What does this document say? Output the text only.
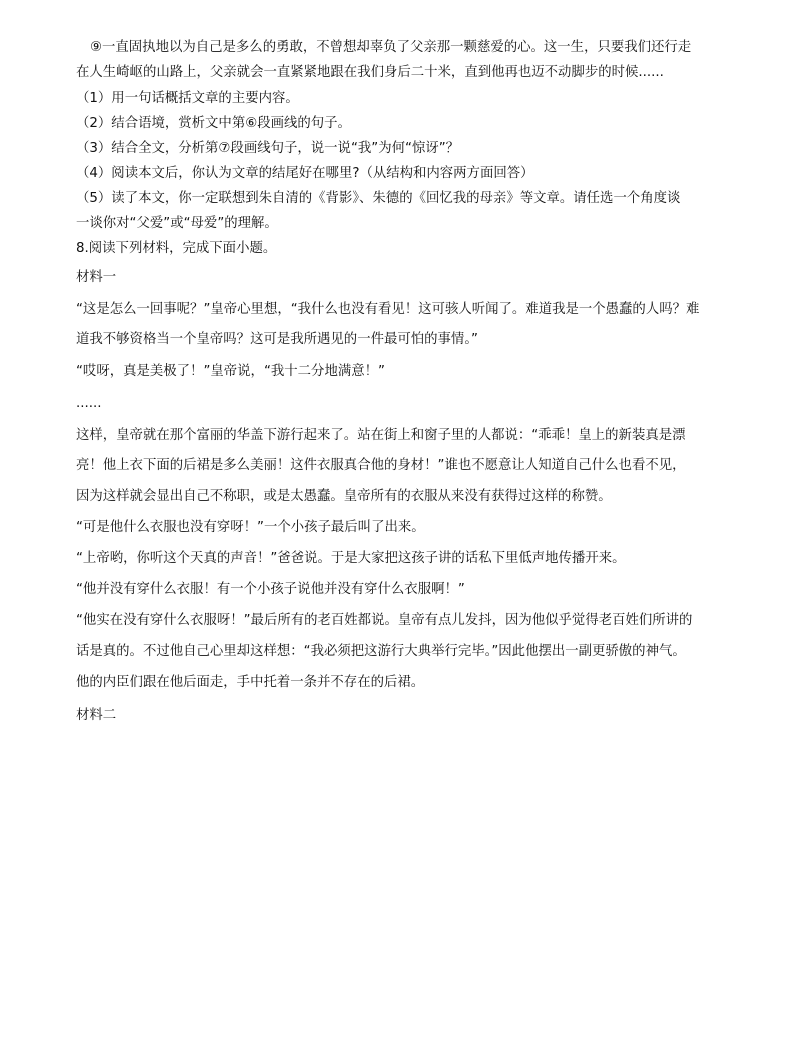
⑨一直固执地以为自己是多么的勇敢，不曾想却辜负了父亲那一颗慈爱的心。这一生，只要我们还行走
在人生崎岖的山路上，父亲就会一直紧紧地跟在我们身后二十米，直到他再也迈不动脚步的时候......
（1）用一句话概括文章的主要内容。
（2）结合语境，赏析文中第⑥段画线的句子。
（3）结合全文，分析第⑦段画线句子，说一说“我”为何“惊讶”？
（4）阅读本文后，你认为文章的结尾好在哪里?（从结构和内容两方面回答）
（5）读了本文，你一定联想到朱自清的《背影》、朱德的《回忆我的母亲》等文章。请任选一个角度谈
一谈你对“父爱”或“母爱”的理解。
8.阅读下列材料，完成下面小题。
材料一
“这是怎么一回事呢？”皇帝心里想，“我什么也没有看见！这可骇人听闻了。难道我是一个愚蠢的人吗？难
道我不够资格当一个皇帝吗？这可是我所遇见的一件最可怕的事情。”
“哎呀，真是美极了！”皇帝说，“我十二分地满意！”
......
这样，皇帝就在那个富丽的华盖下游行起来了。站在街上和窗子里的人都说：“乖乖！皇上的新装真是漂
亮！他上衣下面的后裙是多么美丽！这件衣服真合他的身材！”谁也不愿意让人知道自己什么也看不见，
因为这样就会显出自己不称职，或是太愚蠢。皇帝所有的衣服从来没有获得过这样的称赞。
“可是他什么衣服也没有穿呀！”一个小孩子最后叫了出来。
“上帝哟，你听这个天真的声音！”爸爸说。于是大家把这孩子讲的话私下里低声地传播开来。
“他并没有穿什么衣服！有一个小孩子说他并没有穿什么衣服啊！”
“他实在没有穿什么衣服呀！”最后所有的老百姓都说。皇帝有点儿发抖，因为他似乎觉得老百姓们所讲的
话是真的。不过他自己心里却这样想：“我必须把这游行大典举行完毕。”因此他摆出一副更骄傲的神气。
他的内臣们跟在他后面走，手中托着一条并不存在的后裙。
材料二
